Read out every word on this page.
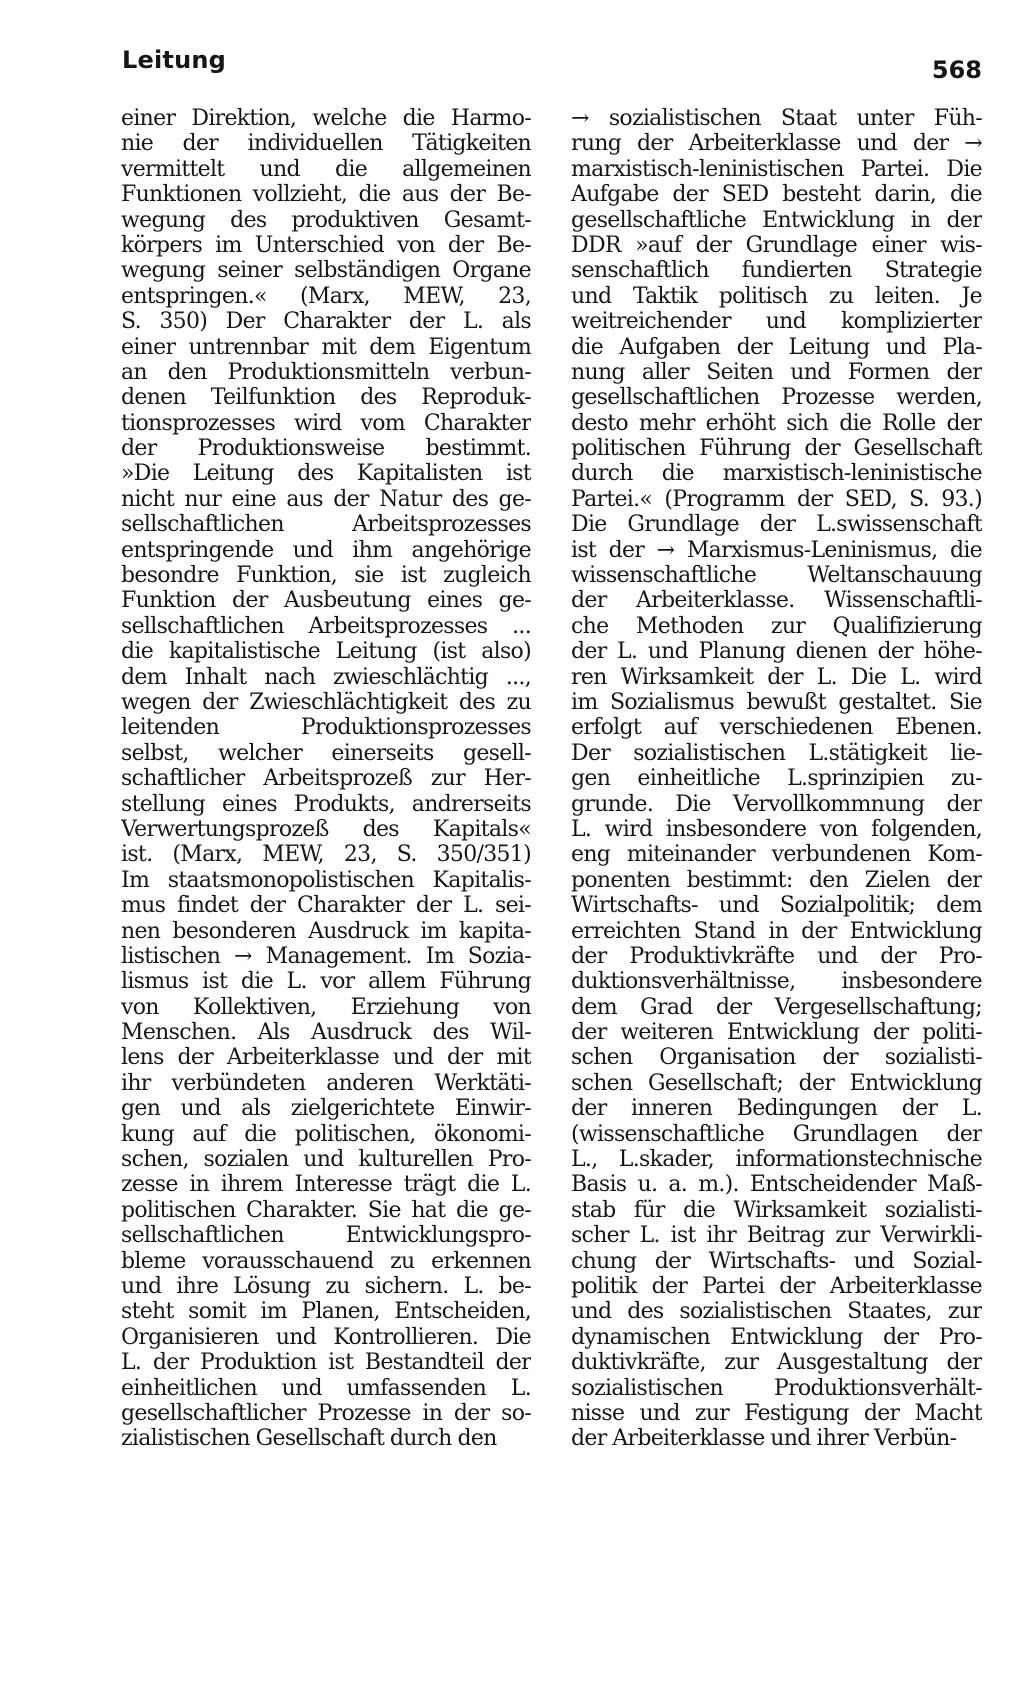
Leitung	568
einer Direktion, welche die Harmo-
nie der individuellen Tätigkeiten
vermittelt und die allgemeinen
Funktionen vollzieht, die aus der Be-
wegung des produktiven Gesamt-
körpers im Unterschied von der Be-
wegung seiner selbständigen Organe
entspringen.« (Marx, MEW, 23,
S. 350) Der Charakter der L. als
einer untrennbar mit dem Eigentum
an den Produktionsmitteln verbun-
denen Teilfunktion des Reproduk-
tionsprozesses wird vom Charakter
der Produktionsweise bestimmt.
»Die Leitung des Kapitalisten ist
nicht nur eine aus der Natur des ge-
sellschaftlichen Arbeitsprozesses
entspringende und ihm angehörige
besondre Funktion, sie ist zugleich
Funktion der Ausbeutung eines ge-
sellschaftlichen Arbeitsprozesses ...
die kapitalistische Leitung (ist also)
dem Inhalt nach zwieschlächtig ...,
wegen der Zwieschlächtigkeit des zu
leitenden Produktionsprozesses
selbst, welcher einerseits gesell-
schaftlicher Arbeitsprozeß zur Her-
stellung eines Produkts, andrerseits
Verwertungsprozeß des Kapitals«
ist. (Marx, MEW, 23, S. 350/351)
Im staatsmonopolistischen Kapitalis-
mus findet der Charakter der L. sei-
nen besonderen Ausdruck im kapita-
listischen → Management. Im Sozia-
lismus ist die L. vor allem Führung
von Kollektiven, Erziehung von
Menschen. Als Ausdruck des Wil-
lens der Arbeiterklasse und der mit
ihr verbündeten anderen Werktäti-
gen und als zielgerichtete Einwir-
kung auf die politischen, ökonomi-
schen, sozialen und kulturellen Pro-
zesse in ihrem Interesse trägt die L.
politischen Charakter. Sie hat die ge-
sellschaftlichen Entwicklungspro-
bleme vorausschauend zu erkennen
und ihre Lösung zu sichern. L. be-
steht somit im Planen, Entscheiden,
Organisieren und Kontrollieren. Die
L. der Produktion ist Bestandteil der
einheitlichen und umfassenden L.
gesellschaftlicher Prozesse in der so-
zialistischen Gesellschaft durch den
→ sozialistischen Staat unter Füh-
rung der Arbeiterklasse und der →
marxistisch-leninistischen Partei. Die
Aufgabe der SED besteht darin, die
gesellschaftliche Entwicklung in der
DDR »auf der Grundlage einer wis-
senschaftlich fundierten Strategie
und Taktik politisch zu leiten. Je
weitreichender und komplizierter
die Aufgaben der Leitung und Pla-
nung aller Seiten und Formen der
gesellschaftlichen Prozesse werden,
desto mehr erhöht sich die Rolle der
politischen Führung der Gesellschaft
durch die marxistisch-leninistische
Partei.« (Programm der SED, S. 93.)
Die Grundlage der L.swissenschaft
ist der → Marxismus-Leninismus, die
wissenschaftliche Weltanschauung
der Arbeiterklasse. Wissenschaftli-
che Methoden zur Qualifizierung
der L. und Planung dienen der höhe-
ren Wirksamkeit der L. Die L. wird
im Sozialismus bewußt gestaltet. Sie
erfolgt auf verschiedenen Ebenen.
Der sozialistischen L.stätigkeit lie-
gen einheitliche L.sprinzipien zu-
grunde. Die Vervollkommnung der
L. wird insbesondere von folgenden,
eng miteinander verbundenen Kom-
ponenten bestimmt: den Zielen der
Wirtschafts- und Sozialpolitik; dem
erreichten Stand in der Entwicklung
der Produktivkräfte und der Pro-
duktionsverhältnisse, insbesondere
dem Grad der Vergesellschaftung;
der weiteren Entwicklung der politi-
schen Organisation der sozialisti-
schen Gesellschaft; der Entwicklung
der inneren Bedingungen der L.
(wissenschaftliche Grundlagen der
L., L.skader, informationstechnische
Basis u. a. m.). Entscheidender Maß-
stab für die Wirksamkeit sozialisti-
scher L. ist ihr Beitrag zur Verwirkli-
chung der Wirtschafts- und Sozial-
politik der Partei der Arbeiterklasse
und des sozialistischen Staates, zur
dynamischen Entwicklung der Pro-
duktivkräfte, zur Ausgestaltung der
sozialistischen Produktionsverhält-
nisse und zur Festigung der Macht
der Arbeiterklasse und ihrer Verbün-
